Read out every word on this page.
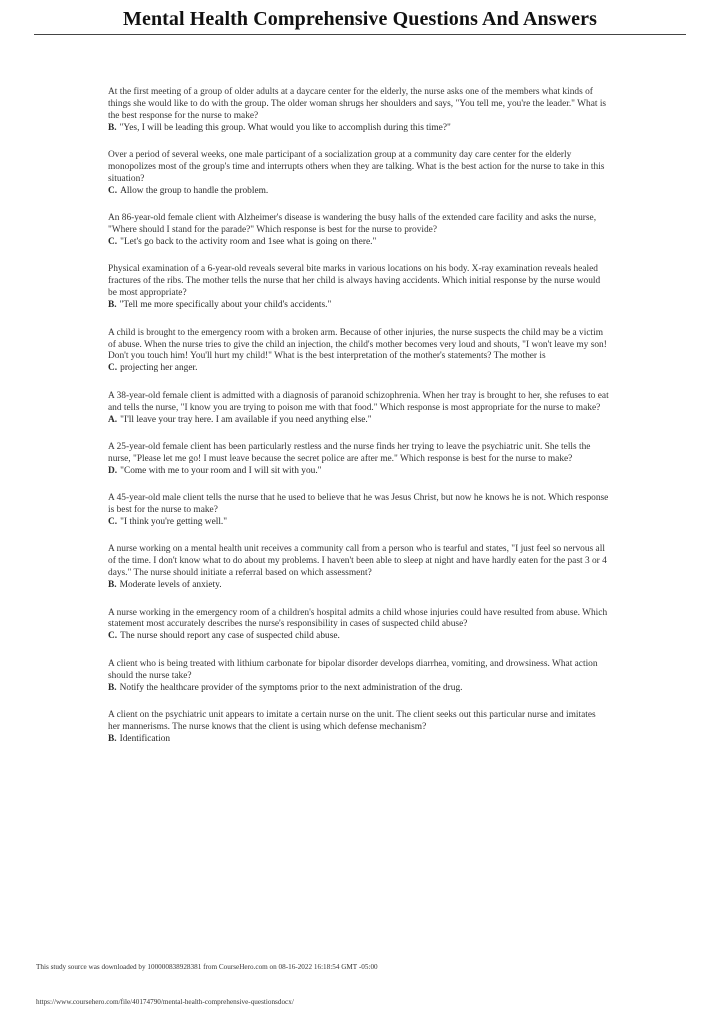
Mental Health Comprehensive Questions And Answers

At the first meeting of a group of older adults at a daycare center for the elderly, the nurse asks one of the members what kinds of things she would like to do with the group. The older woman shrugs her shoulders and says, "You tell me, you're the leader." What is the best response for the nurse to make?

B. "Yes, I will be leading this group. What would you like to accomplish during this time?"

Over a period of several weeks, one male participant of a socialization group at a community day care center for the elderly monopolizes most of the group's time and interrupts others when they are talking. What is the best action for the nurse to take in this situation?

C. Allow the group to handle the problem.

An 86-year-old female client with Alzheimer's disease is wandering the busy halls of the extended care facility and asks the nurse, "Where should I stand for the parade?" Which response is best for the nurse to provide?

C. "Let's go back to the activity room and 1see what is going on there."

Physical examination of a 6-year-old reveals several bite marks in various locations on his body. X-ray examination reveals healed fractures of the ribs. The mother tells the nurse that her child is always having accidents. Which initial response by the nurse would be most appropriate?

B. "Tell me more specifically about your child's accidents."

A child is brought to the emergency room with a broken arm. Because of other injuries, the nurse suspects the child may be a victim of abuse. When the nurse tries to give the child an injection, the child's mother becomes very loud and shouts, "I won't leave my son! Don't you touch him! You'll hurt my child!" What is the best interpretation of the mother's statements? The mother is

C. projecting her anger.

A 38-year-old female client is admitted with a diagnosis of paranoid schizophrenia. When her tray is brought to her, she refuses to eat and tells the nurse, "I know you are trying to poison me with that food." Which response is most appropriate for the nurse to make?

A. "I'll leave your tray here. I am available if you need anything else."

A 25-year-old female client has been particularly restless and the nurse finds her trying to leave the psychiatric unit. She tells the nurse, "Please let me go! I must leave because the secret police are after me." Which response is best for the nurse to make?

D. "Come with me to your room and I will sit with you."

A 45-year-old male client tells the nurse that he used to believe that he was Jesus Christ, but now he knows he is not. Which response is best for the nurse to make?

C. "I think you're getting well."

A nurse working on a mental health unit receives a community call from a person who is tearful and states, "I just feel so nervous all of the time. I don't know what to do about my problems. I haven't been able to sleep at night and have hardly eaten for the past 3 or 4 days." The nurse should initiate a referral based on which assessment?

B. Moderate levels of anxiety.

A nurse working in the emergency room of a children's hospital admits a child whose injuries could have resulted from abuse. Which statement most accurately describes the nurse's responsibility in cases of suspected child abuse?

C. The nurse should report any case of suspected child abuse.

A client who is being treated with lithium carbonate for bipolar disorder develops diarrhea, vomiting, and drowsiness. What action should the nurse take?

B. Notify the healthcare provider of the symptoms prior to the next administration of the drug.

A client on the psychiatric unit appears to imitate a certain nurse on the unit. The client seeks out this particular nurse and imitates her mannerisms. The nurse knows that the client is using which defense mechanism?

B. Identification

This study source was downloaded by 100000838928381 from CourseHero.com on 08-16-2022 16:18:54 GMT -05:00
https://www.coursehero.com/file/40174790/mental-health-comprehensive-questionsdocx/
